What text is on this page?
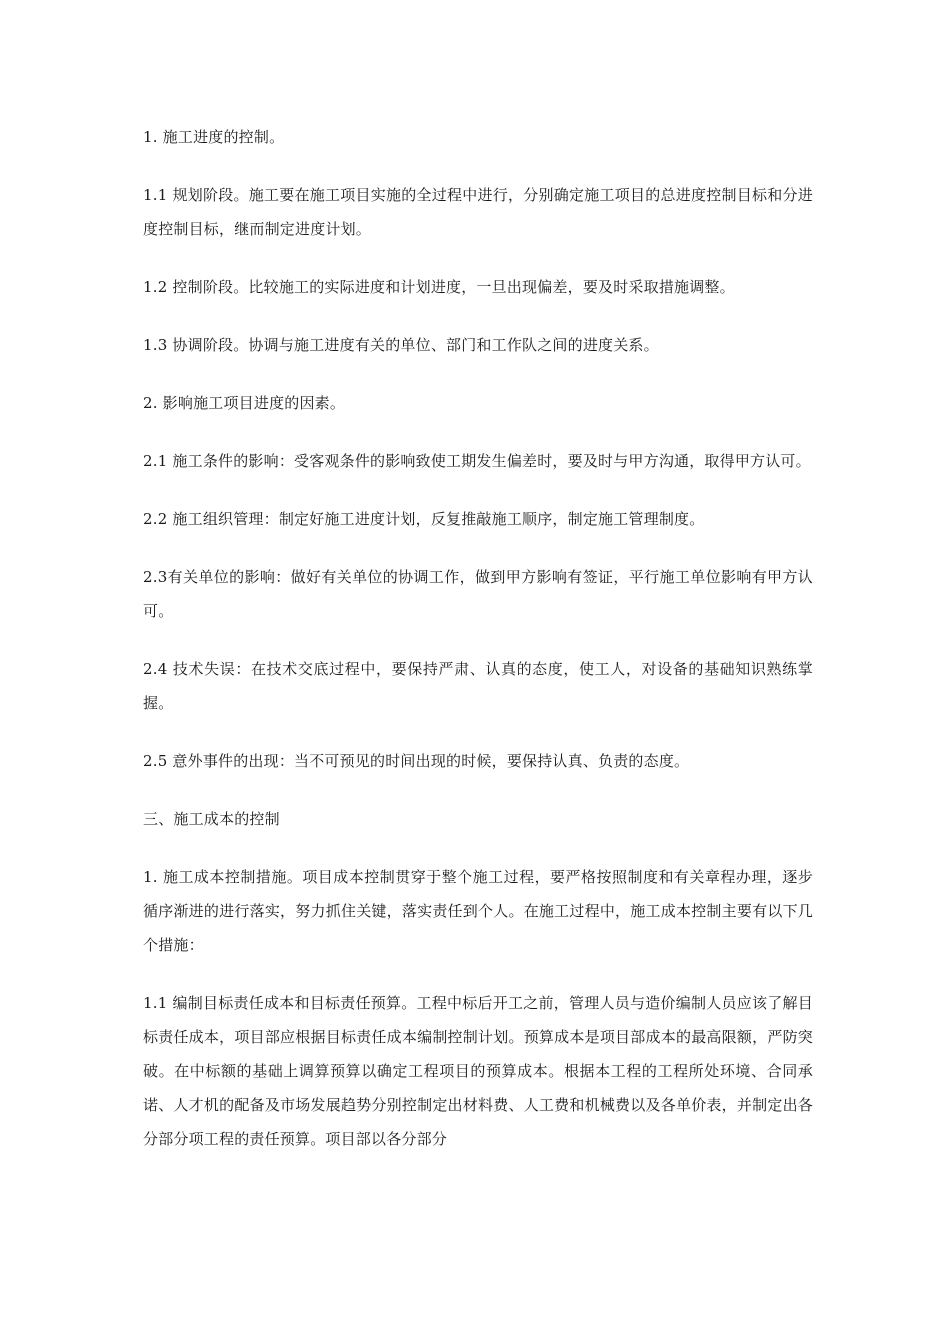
1. 施工进度的控制。

1.1 规划阶段。施工要在施工项目实施的全过程中进行，分别确定施工项目的总进度控制目标和分进度控制目标，继而制定进度计划。

1.2 控制阶段。比较施工的实际进度和计划进度，一旦出现偏差，要及时采取措施调整。

1.3 协调阶段。协调与施工进度有关的单位、部门和工作队之间的进度关系。

2. 影响施工项目进度的因素。

2.1 施工条件的影响：受客观条件的影响致使工期发生偏差时，要及时与甲方沟通，取得甲方认可。

2.2 施工组织管理：制定好施工进度计划，反复推敲施工顺序，制定施工管理制度。

2.3有关单位的影响：做好有关单位的协调工作，做到甲方影响有签证，平行施工单位影响有甲方认可。

2.4 技术失误：在技术交底过程中，要保持严肃、认真的态度，使工人，对设备的基础知识熟练掌握。

2.5 意外事件的出现：当不可预见的时间出现的时候，要保持认真、负责的态度。

三、施工成本的控制

1. 施工成本控制措施。项目成本控制贯穿于整个施工过程，要严格按照制度和有关章程办理，逐步循序渐进的进行落实，努力抓住关键，落实责任到个人。在施工过程中，施工成本控制主要有以下几个措施：

1.1 编制目标责任成本和目标责任预算。工程中标后开工之前，管理人员与造价编制人员应该了解目标责任成本，项目部应根据目标责任成本编制控制计划。预算成本是项目部成本的最高限额，严防突破。在中标额的基础上调算预算以确定工程项目的预算成本。根据本工程的工程所处环境、合同承诺、人才机的配备及市场发展趋势分别控制定出材料费、人工费和机械费以及各单价表，并制定出各分部分项工程的责任预算。项目部以各分部分
